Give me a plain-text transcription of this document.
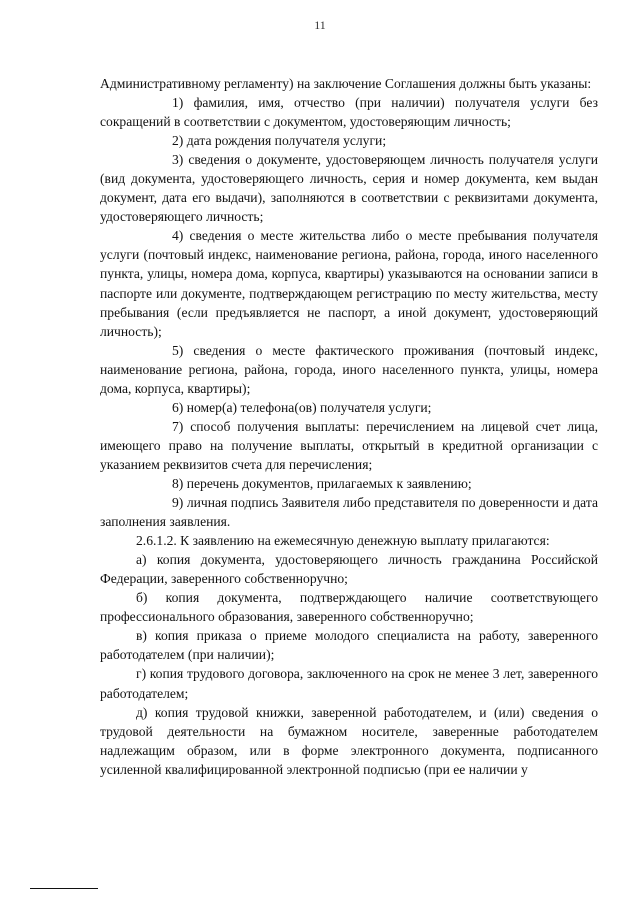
11

Административному регламенту) на заключение Соглашения должны быть указаны:

1) фамилия, имя, отчество (при наличии) получателя услуги без сокращений в соответствии с документом, удостоверяющим личность;

2) дата рождения получателя услуги;

3) сведения о документе, удостоверяющем личность получателя услуги (вид документа, удостоверяющего личность, серия и номер документа, кем выдан документ, дата его выдачи), заполняются в соответствии с реквизитами документа, удостоверяющего личность;

4) сведения о месте жительства либо о месте пребывания получателя услуги (почтовый индекс, наименование региона, района, города, иного населенного пункта, улицы, номера дома, корпуса, квартиры) указываются на основании записи в паспорте или документе, подтверждающем регистрацию по месту жительства, месту пребывания (если предъявляется не паспорт, а иной документ, удостоверяющий личность);

5) сведения о месте фактического проживания (почтовый индекс, наименование региона, района, города, иного населенного пункта, улицы, номера дома, корпуса, квартиры);

6) номер(а) телефона(ов) получателя услуги;

7) способ получения выплаты: перечислением на лицевой счет лица, имеющего право на получение выплаты, открытый в кредитной организации с указанием реквизитов счета для перечисления;

8) перечень документов, прилагаемых к заявлению;

9) личная подпись Заявителя либо представителя по доверенности и дата заполнения заявления.

2.6.1.2. К заявлению на ежемесячную денежную выплату прилагаются:

а) копия документа, удостоверяющего личность гражданина Российской Федерации, заверенного собственноручно;

б) копия документа, подтверждающего наличие соответствующего профессионального образования, заверенного собственноручно;

в) копия приказа о приеме молодого специалиста на работу, заверенного работодателем (при наличии);

г) копия трудового договора, заключенного на срок не менее 3 лет, заверенного работодателем;

д) копия трудовой книжки, заверенной работодателем, и (или) сведения о трудовой деятельности на бумажном носителе, заверенные работодателем надлежащим образом, или в форме электронного документа, подписанного усиленной квалифицированной электронной подписью (при ее наличии у
